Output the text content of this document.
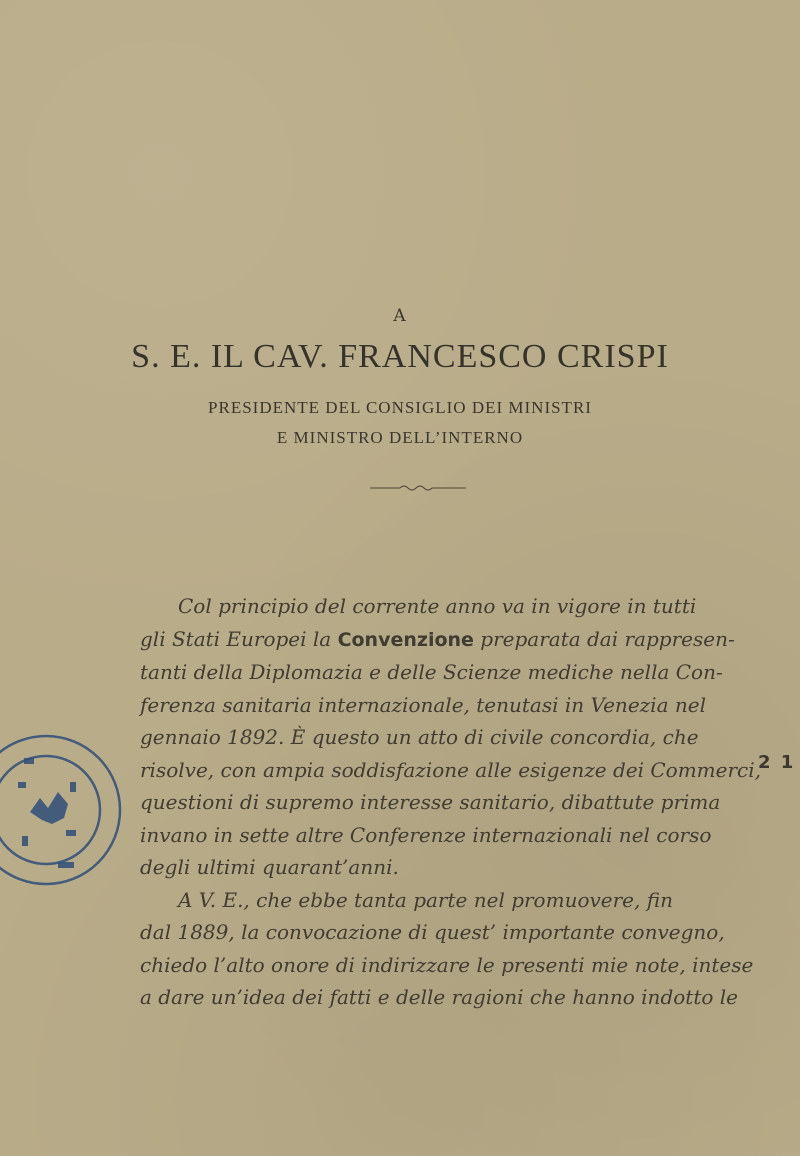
A
S. E. IL CAV. FRANCESCO CRISPI
PRESIDENTE DEL CONSIGLIO DEI MINISTRI
E MINISTRO DELL’INTERNO
Col principio del corrente anno va in vigore in tutti
gli Stati Europei la Convenzione preparata dai rappresen-
tanti della Diplomazia e delle Scienze mediche nella Con-
ferenza sanitaria internazionale, tenutasi in Venezia nel
gennaio 1892. È questo un atto di civile concordia, che
risolve, con ampia soddisfazione alle esigenze dei Commerci,
questioni di supremo interesse sanitario, dibattute prima
invano in sette altre Conferenze internazionali nel corso
degli ultimi quarant’anni.
A V. E., che ebbe tanta parte nel promuovere, fin
dal 1889, la convocazione di quest’ importante convegno,
chiedo l’alto onore di indirizzare le presenti mie note, intese
a dare un’idea dei fatti e delle ragioni che hanno indotto le
2 1
